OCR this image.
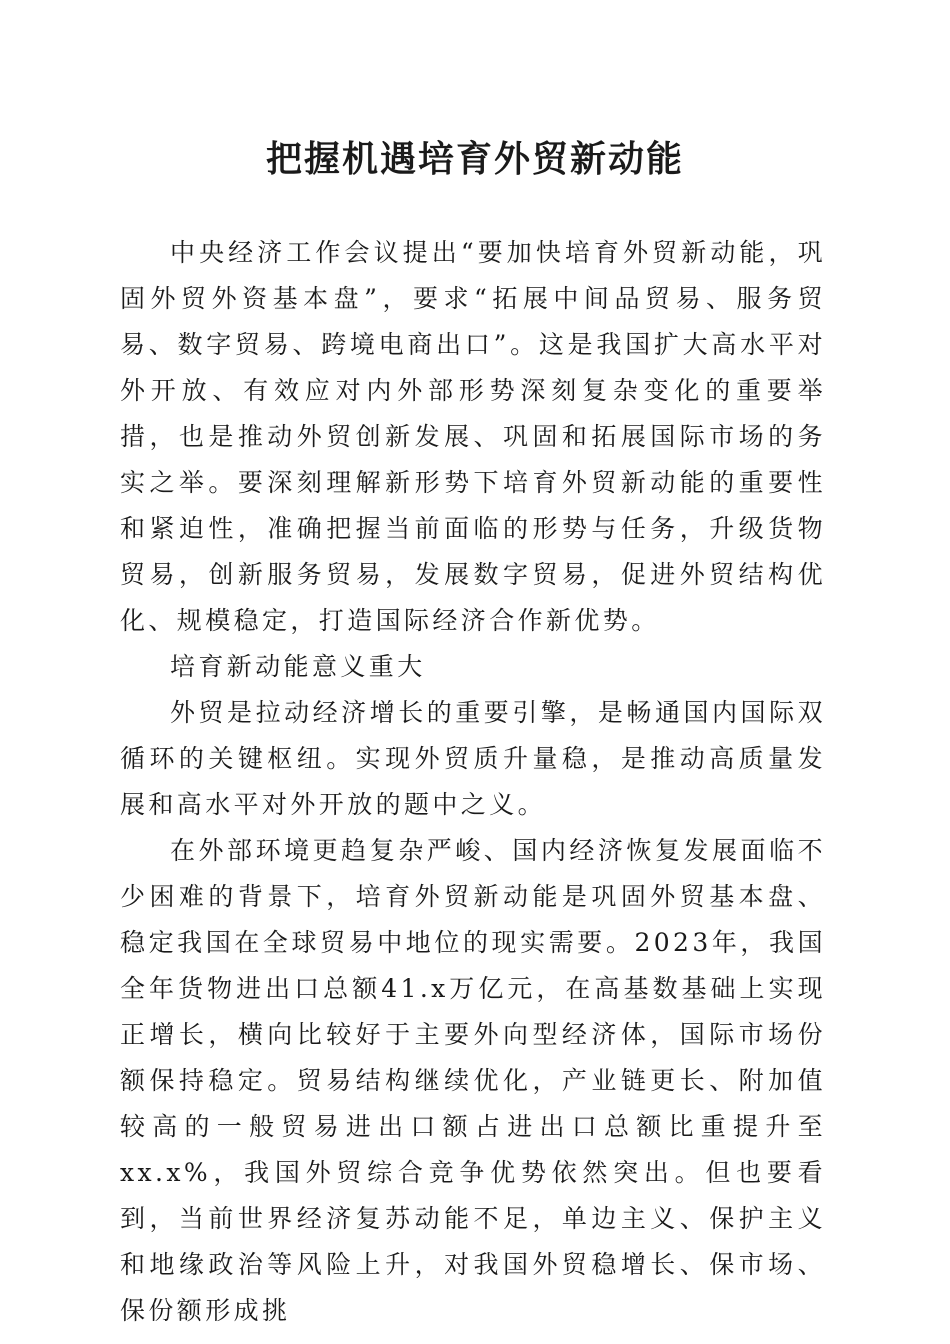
把握机遇培育外贸新动能

中央经济工作会议提出“要加快培育外贸新动能，巩固外贸外资基本盘”，要求“拓展中间品贸易、服务贸易、数字贸易、跨境电商出口”。这是我国扩大高水平对外开放、有效应对内外部形势深刻复杂变化的重要举措，也是推动外贸创新发展、巩固和拓展国际市场的务实之举。要深刻理解新形势下培育外贸新动能的重要性和紧迫性，准确把握当前面临的形势与任务，升级货物贸易，创新服务贸易，发展数字贸易，促进外贸结构优化、规模稳定，打造国际经济合作新优势。

培育新动能意义重大

外贸是拉动经济增长的重要引擎，是畅通国内国际双循环的关键枢纽。实现外贸质升量稳，是推动高质量发展和高水平对外开放的题中之义。

在外部环境更趋复杂严峻、国内经济恢复发展面临不少困难的背景下，培育外贸新动能是巩固外贸基本盘、稳定我国在全球贸易中地位的现实需要。2023年，我国全年货物进出口总额41.x万亿元，在高基数基础上实现正增长，横向比较好于主要外向型经济体，国际市场份额保持稳定。贸易结构继续优化，产业链更长、附加值较高的一般贸易进出口额占进出口总额比重提升至xx.x%，我国外贸综合竞争优势依然突出。但也要看到，当前世界经济复苏动能不足，单边主义、保护主义和地缘政治等风险上升，对我国外贸稳增长、保市场、保份额形成挑
